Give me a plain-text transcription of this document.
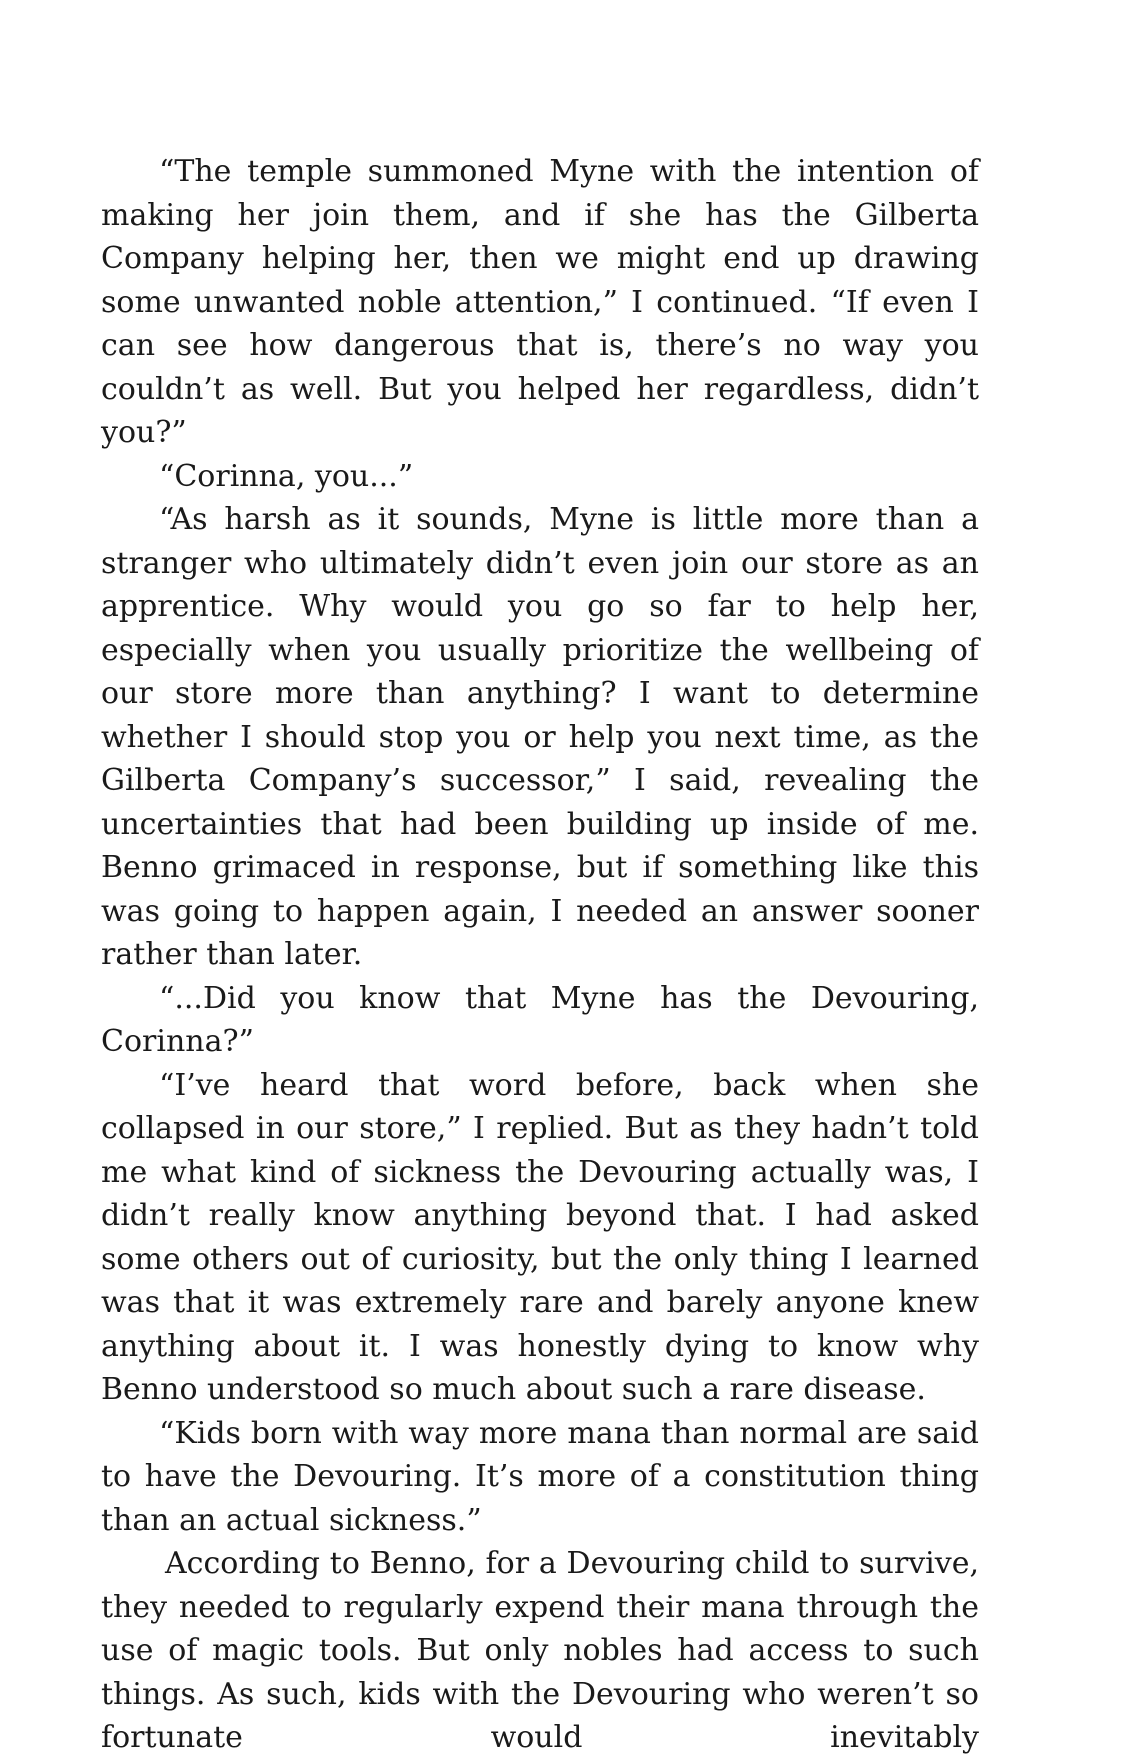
“The temple summoned Myne with the intention of making her join them, and if she has the Gilberta Company helping her, then we might end up drawing some unwanted noble attention,” I continued. “If even I can see how dangerous that is, there’s no way you couldn’t as well. But you helped her regardless, didn’t you?”

“Corinna, you...”

“As harsh as it sounds, Myne is little more than a stranger who ultimately didn’t even join our store as an apprentice. Why would you go so far to help her, especially when you usually prioritize the wellbeing of our store more than anything? I want to determine whether I should stop you or help you next time, as the Gilberta Company’s successor,” I said, revealing the uncertainties that had been building up inside of me. Benno grimaced in response, but if something like this was going to happen again, I needed an answer sooner rather than later.

“...Did you know that Myne has the Devouring, Corinna?”

“I’ve heard that word before, back when she collapsed in our store,” I replied. But as they hadn’t told me what kind of sickness the Devouring actually was, I didn’t really know anything beyond that. I had asked some others out of curiosity, but the only thing I learned was that it was extremely rare and barely anyone knew anything about it. I was honestly dying to know why Benno understood so much about such a rare disease.

“Kids born with way more mana than normal are said to have the Devouring. It’s more of a constitution thing than an actual sickness.”

According to Benno, for a Devouring child to survive, they needed to regularly expend their mana through the use of magic tools. But only nobles had access to such things. As such, kids with the Devouring who weren’t so fortunate would inevitably
